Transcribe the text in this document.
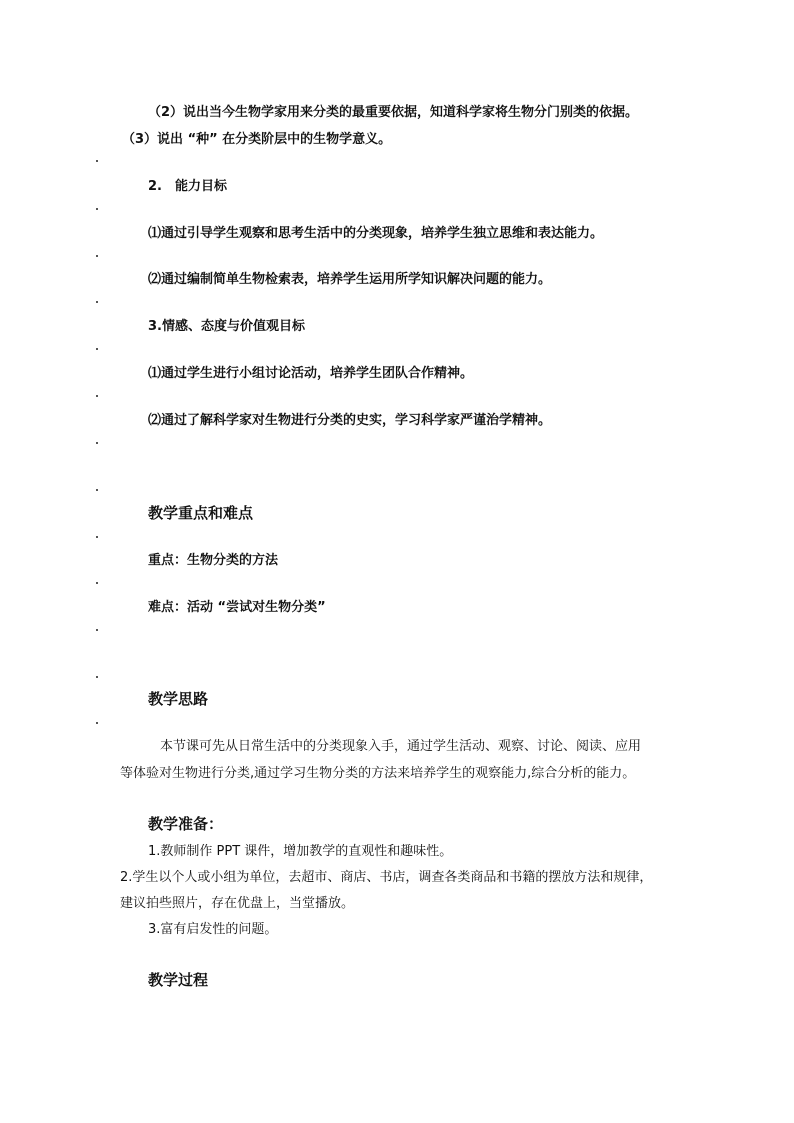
（2）说出当今生物学家用来分类的最重要依据，知道科学家将生物分门别类的依据。
（3）说出 “种” 在分类阶层中的生物学意义。
2.　能力目标
⑴通过引导学生观察和思考生活中的分类现象，培养学生独立思维和表达能力。
⑵通过编制简单生物检索表，培养学生运用所学知识解决问题的能力。
3.情感、态度与价值观目标
⑴通过学生进行小组讨论活动，培养学生团队合作精神。
⑵通过了解科学家对生物进行分类的史实，学习科学家严谨治学精神。
教学重点和难点
重点：生物分类的方法
难点：活动 “尝试对生物分类”
教学思路
本节课可先从日常生活中的分类现象入手，通过学生活动、观察、讨论、阅读、应用
等体验对生物进行分类,通过学习生物分类的方法来培养学生的观察能力,综合分析的能力。
教学准备：
1.教师制作 PPT 课件，增加教学的直观性和趣味性。
2.学生以个人或小组为单位，去超市、商店、书店，调查各类商品和书籍的摆放方法和规律，
建议拍些照片，存在优盘上，当堂播放。
3.富有启发性的问题。
教学过程
